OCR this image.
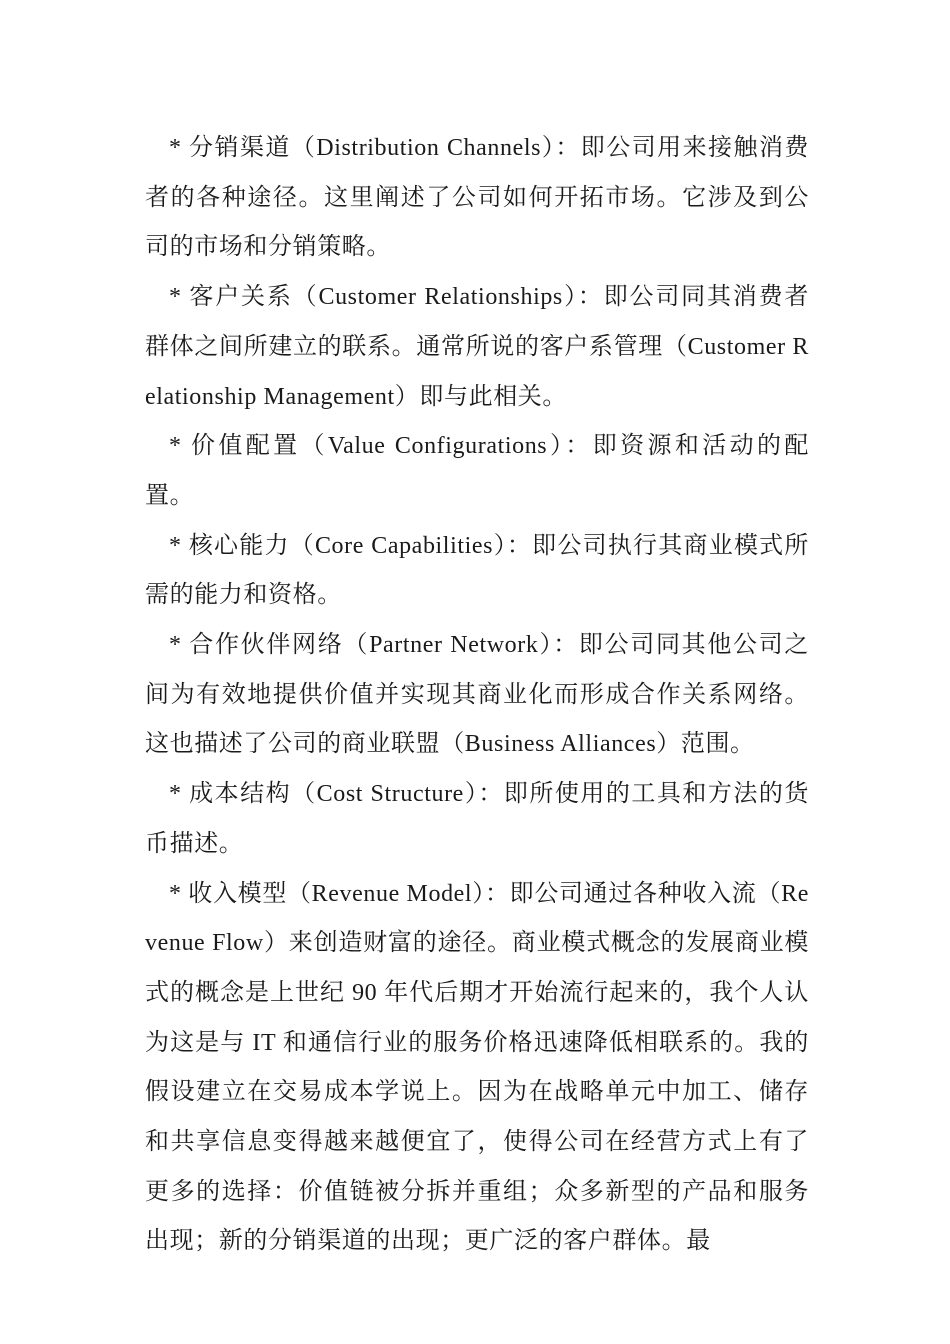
* 分销渠道（Distribution Channels）：即公司用来接触消费者的各种途径。这里阐述了公司如何开拓市场。它涉及到公司的市场和分销策略。

* 客户关系（Customer Relationships）：即公司同其消费者群体之间所建立的联系。通常所说的客户系管理（Customer Relationship Management）即与此相关。

* 价值配置（Value Configurations）：即资源和活动的配置。

* 核心能力（Core Capabilities）：即公司执行其商业模式所需的能力和资格。

* 合作伙伴网络（Partner Network）：即公司同其他公司之间为有效地提供价值并实现其商业化而形成合作关系网络。这也描述了公司的商业联盟（Business Alliances）范围。

* 成本结构（Cost Structure）：即所使用的工具和方法的货币描述。

* 收入模型（Revenue Model）：即公司通过各种收入流（Revenue Flow）来创造财富的途径。商业模式概念的发展商业模式的概念是上世纪 90 年代后期才开始流行起来的，我个人认为这是与 IT 和通信行业的服务价格迅速降低相联系的。我的假设建立在交易成本学说上。因为在战略单元中加工、储存和共享信息变得越来越便宜了，使得公司在经营方式上有了更多的选择：价值链被分拆并重组；众多新型的产品和服务出现；新的分销渠道的出现；更广泛的客户群体。最
